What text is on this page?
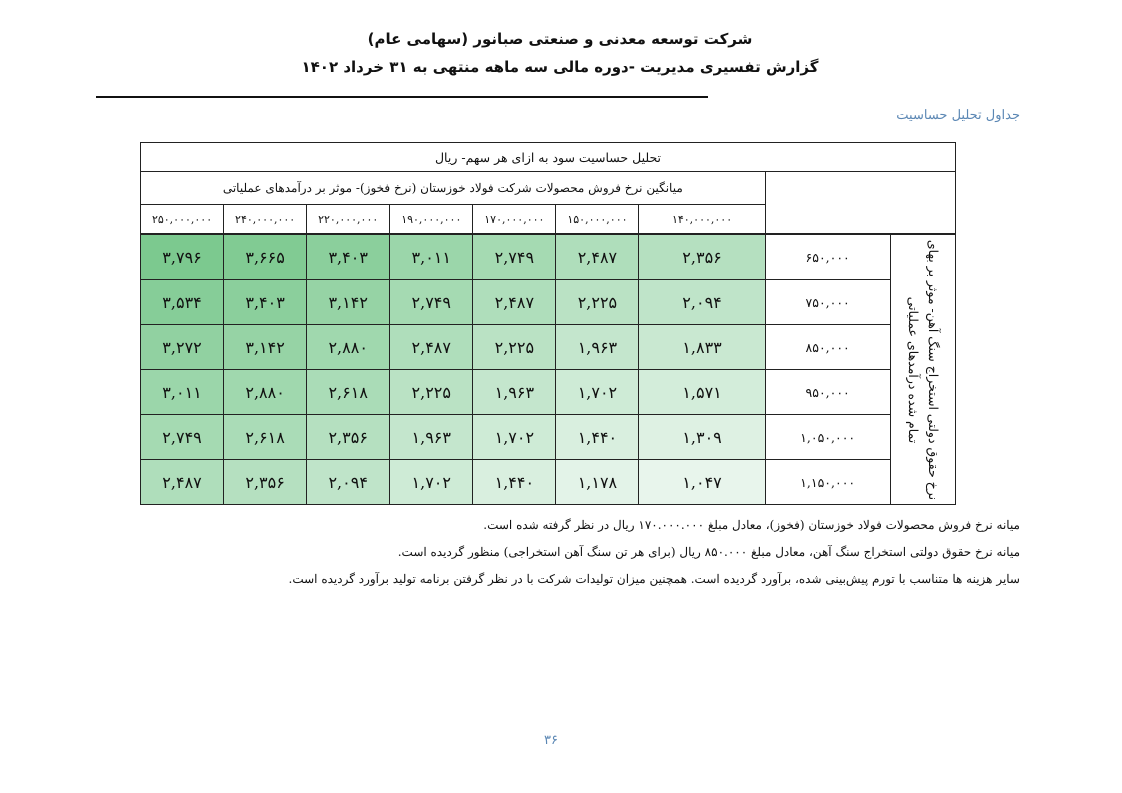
شرکت توسعه معدنی و صنعتی صبانور (سهامی عام)
گزارش تفسیری مدیریت -دوره مالی سه ماهه منتهی به ۳۱ خرداد ۱۴۰۲
جداول تحلیل حساسیت
تحلیل حساسیت سود به ازای هر سهم- ریال								
میانگین نرخ فروش محصولات شرکت فولاد خوزستان (نرخ فخوز)- موثر بر درآمدهای عملیاتی								
۲۵۰,۰۰۰,۰۰۰	۲۴۰,۰۰۰,۰۰۰	۲۲۰,۰۰۰,۰۰۰	۱۹۰,۰۰۰,۰۰۰	۱۷۰,۰۰۰,۰۰۰	۱۵۰,۰۰۰,۰۰۰	۱۴۰,۰۰۰,۰۰۰		
۳,۷۹۶	۳,۶۶۵	۳,۴۰۳	۳,۰۱۱	۲,۷۴۹	۲,۴۸۷	۲,۳۵۶	۶۵۰,۰۰۰	نرخ حقوق دولتی استخراج سنگ آهن- موثر بر بهای تمام شده درآمدهای عملیاتی

۳,۵۳۴	۳,۴۰۳	۳,۱۴۲	۲,۷۴۹	۲,۴۸۷	۲,۲۲۵	۲,۰۹۴	۷۵۰,۰۰۰	
۳,۲۷۲	۳,۱۴۲	۲,۸۸۰	۲,۴۸۷	۲,۲۲۵	۱,۹۶۳	۱,۸۳۳	۸۵۰,۰۰۰	
۳,۰۱۱	۲,۸۸۰	۲,۶۱۸	۲,۲۲۵	۱,۹۶۳	۱,۷۰۲	۱,۵۷۱	۹۵۰,۰۰۰	
۲,۷۴۹	۲,۶۱۸	۲,۳۵۶	۱,۹۶۳	۱,۷۰۲	۱,۴۴۰	۱,۳۰۹	۱,۰۵۰,۰۰۰	
۲,۴۸۷	۲,۳۵۶	۲,۰۹۴	۱,۷۰۲	۱,۴۴۰	۱,۱۷۸	۱,۰۴۷	۱,۱۵۰,۰۰۰	
میانه نرخ فروش محصولات فولاد خوزستان (فخوز)، معادل مبلغ ۱۷۰.۰۰۰.۰۰۰ ریال در نظر گرفته شده است.
میانه نرخ حقوق دولتی استخراج سنگ آهن، معادل مبلغ ۸۵۰.۰۰۰ ریال (برای هر تن سنگ آهن استخراجی) منظور گردیده است.
سایر هزینه ها متناسب با تورم پیش‌بینی شده، برآورد گردیده است. همچنین میزان تولیدات شرکت با در نظر گرفتن برنامه تولید برآورد گردیده است.
۳۶
